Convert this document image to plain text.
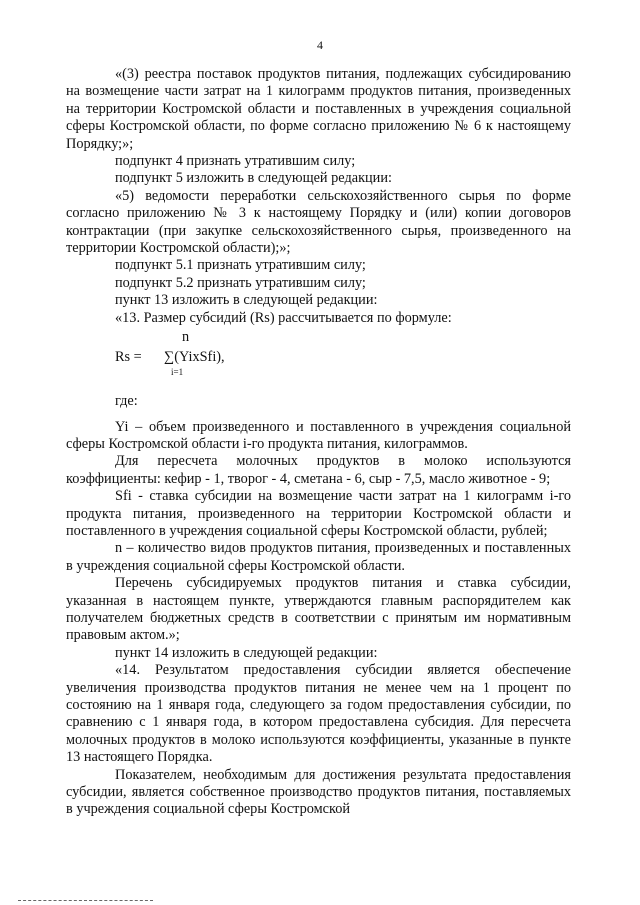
4

«(3) реестра поставок продуктов питания, подлежащих субсидированию на возмещение части затрат на 1 килограмм продуктов питания, произведенных на территории Костромской области и поставленных в учреждения социальной сферы Костромской области, по форме согласно приложению № 6 к настоящему Порядку;»;

подпункт 4 признать утратившим силу;

подпункт 5 изложить в следующей редакции:

«5) ведомости переработки сельскохозяйственного сырья по форме согласно приложению № 3 к настоящему Порядку и (или) копии договоров контрактации (при закупке сельскохозяйственного сырья, произведенного на территории Костромской области);»;

подпункт 5.1 признать утратившим силу;

подпункт 5.2 признать утратившим силу;

пункт 13 изложить в следующей редакции:

«13. Размер субсидий (Rs) рассчитывается по формуле:

n
Rs = ∑(YixSfi),
i=1

где:

Yi – объем произведенного и поставленного в учреждения социальной сферы Костромской области i-го продукта питания, килограммов.

Для пересчета молочных продуктов в молоко используются коэффициенты: кефир - 1, творог - 4, сметана - 6, сыр - 7,5, масло животное - 9;

Sfi - ставка субсидии на возмещение части затрат на 1 килограмм i-го продукта питания, произведенного на территории Костромской области и поставленного в учреждения социальной сферы Костромской области, рублей;

n – количество видов продуктов питания, произведенных и поставленных в учреждения социальной сферы Костромской области.

Перечень субсидируемых продуктов питания и ставка субсидии, указанная в настоящем пункте, утверждаются главным распорядителем как получателем бюджетных средств в соответствии с принятым им нормативным правовым актом.»;

пункт 14 изложить в следующей редакции:

«14. Результатом предоставления субсидии является обеспечение увеличения производства продуктов питания не менее чем на 1 процент по состоянию на 1 января года, следующего за годом предоставления субсидии, по сравнению с 1 января года, в котором предоставлена субсидия. Для пересчета молочных продуктов в молоко используются коэффициенты, указанные в пункте 13 настоящего Порядка.

Показателем, необходимым для достижения результата предоставления субсидии, является собственное производство продуктов питания, поставляемых в учреждения социальной сферы Костромской
